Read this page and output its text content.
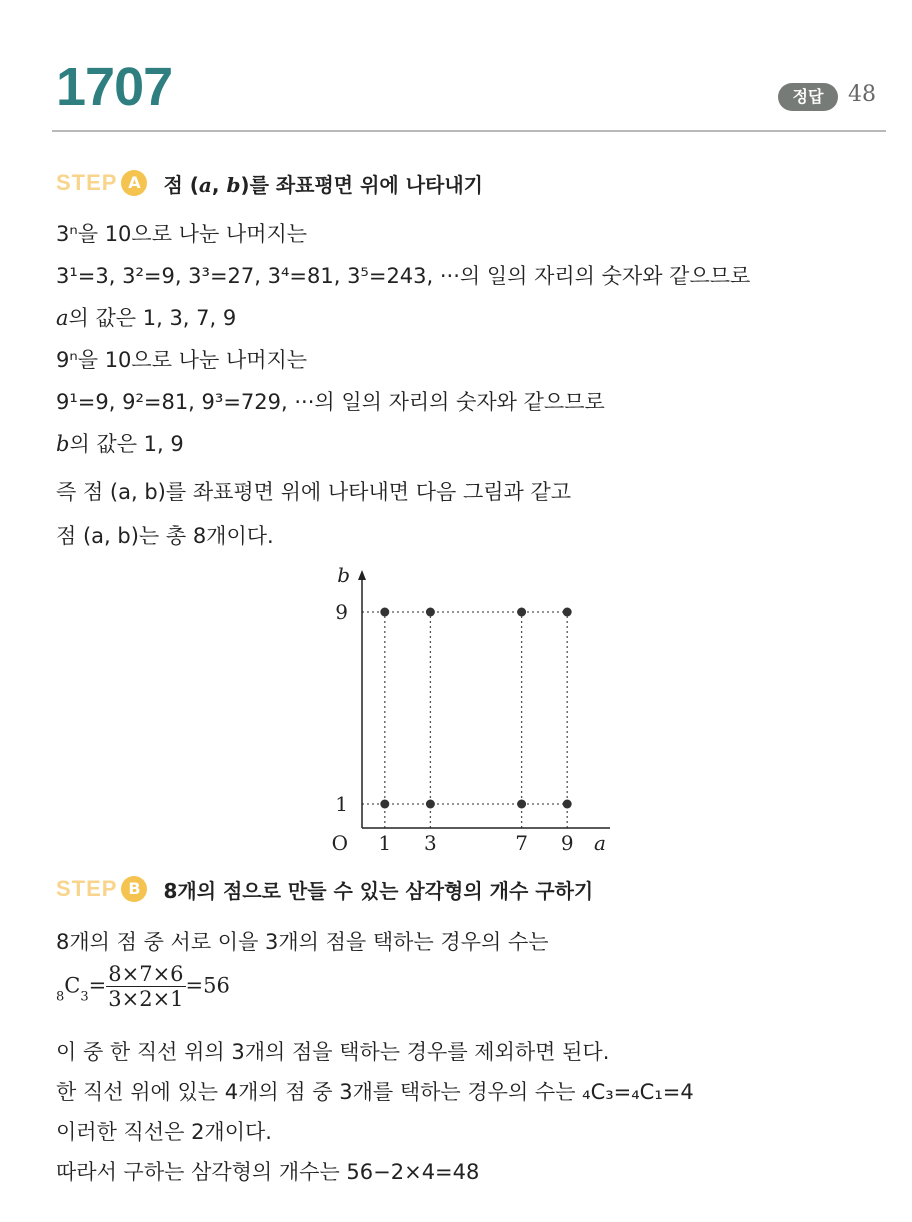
1707	정답	48
STEP A	점 (a, b)를 좌표평면 위에 나타내기
3ⁿ을 10으로 나눈 나머지는
3¹=3, 3²=9, 3³=27, 3⁴=81, 3⁵=243, ···의 일의 자리의 숫자와 같으므로
a의 값은 1, 3, 7, 9
9ⁿ을 10으로 나눈 나머지는
9¹=9, 9²=81, 9³=729, ···의 일의 자리의 숫자와 같으므로
b의 값은 1, 9
즉 점 (a, b)를 좌표평면 위에 나타내면 다음 그림과 같고
점 (a, b)는 총 8개이다.
1 3	7 9
1
9
O	a
b
STEP B	8개의 점으로 만들 수 있는 삼각형의 개수 구하기
8개의 점 중 서로 이을 3개의 점을 택하는 경우의 수는
$_8C_3= \frac{8\times 7\times 6}{3\times 2\times 1} =56$
이 중 한 직선 위의 3개의 점을 택하는 경우를 제외하면 된다.
한 직선 위에 있는 4개의 점 중 3개를 택하는 경우의 수는 ₄C₃=₄C₁=4
이러한 직선은 2개이다.
따라서 구하는 삼각형의 개수는 56−2×4=48
